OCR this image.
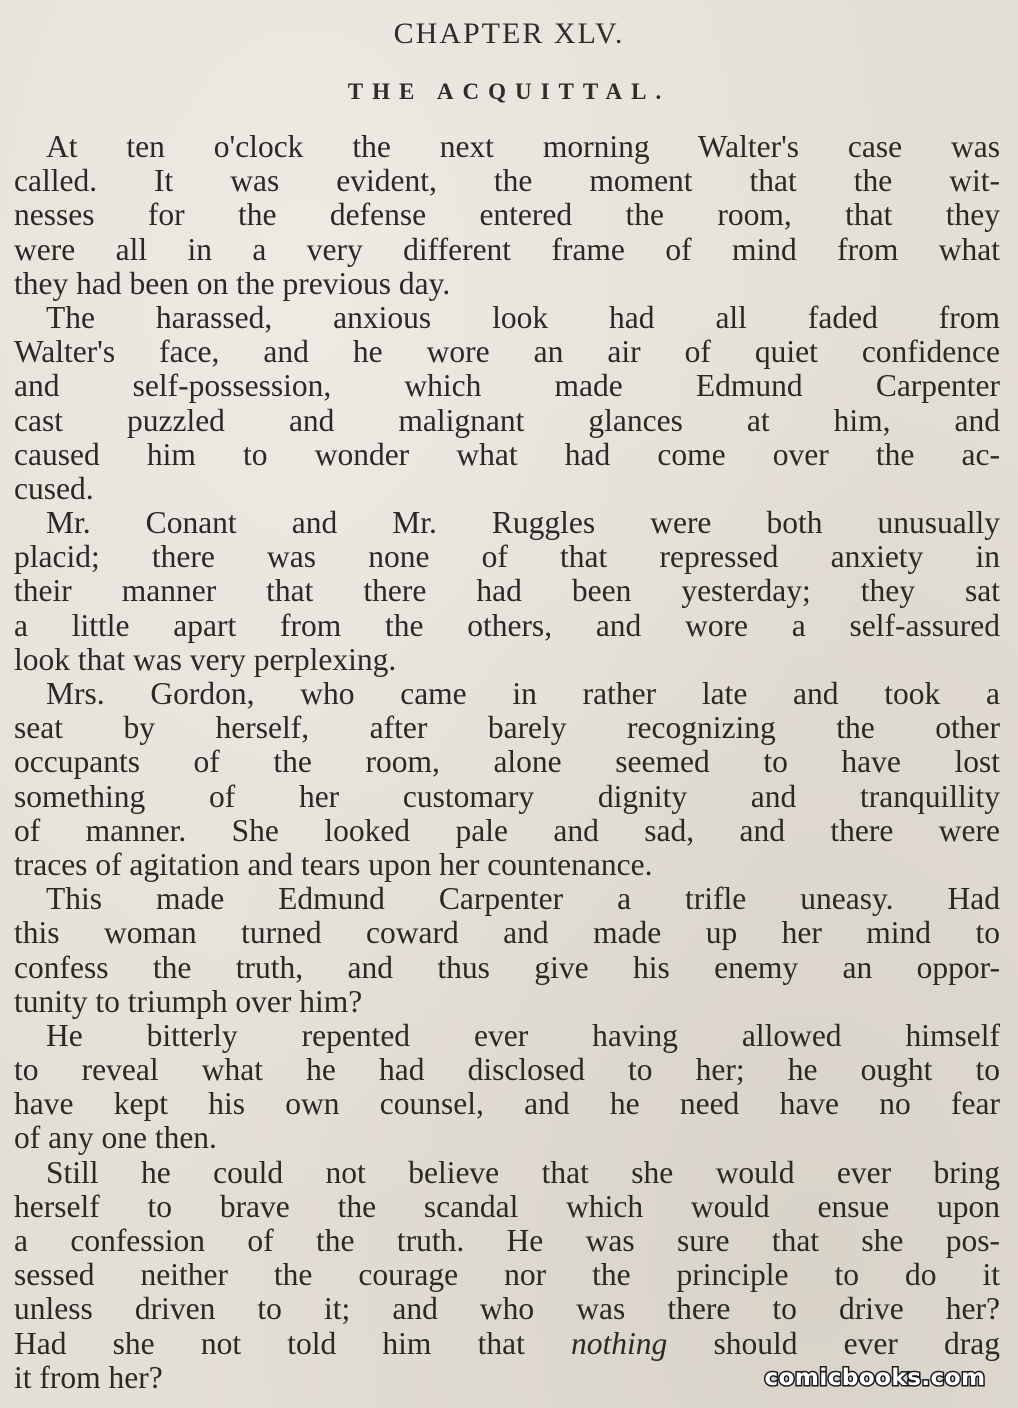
CHAPTER XLV.
THE ACQUITTAL.
At ten o'clock the next morning Walter's case was
called. It was evident, the moment that the wit-
nesses for the defense entered the room, that they
were all in a very different frame of mind from what
they had been on the previous day.
The harassed, anxious look had all faded from
Walter's face, and he wore an air of quiet confidence
and self-possession, which made Edmund Carpenter
cast puzzled and malignant glances at him, and
caused him to wonder what had come over the ac-
cused.
Mr. Conant and Mr. Ruggles were both unusually
placid; there was none of that repressed anxiety in
their manner that there had been yesterday; they sat
a little apart from the others, and wore a self-assured
look that was very perplexing.
Mrs. Gordon, who came in rather late and took a
seat by herself, after barely recognizing the other
occupants of the room, alone seemed to have lost
something of her customary dignity and tranquillity
of manner. She looked pale and sad, and there were
traces of agitation and tears upon her countenance.
This made Edmund Carpenter a trifle uneasy. Had
this woman turned coward and made up her mind to
confess the truth, and thus give his enemy an oppor-
tunity to triumph over him?
He bitterly repented ever having allowed himself
to reveal what he had disclosed to her; he ought to
have kept his own counsel, and he need have no fear
of any one then.
Still he could not believe that she would ever bring
herself to brave the scandal which would ensue upon
a confession of the truth. He was sure that she pos-
sessed neither the courage nor the principle to do it
unless driven to it; and who was there to drive her?
Had she not told him that nothing should ever drag
it from her?	comicbooks.com
